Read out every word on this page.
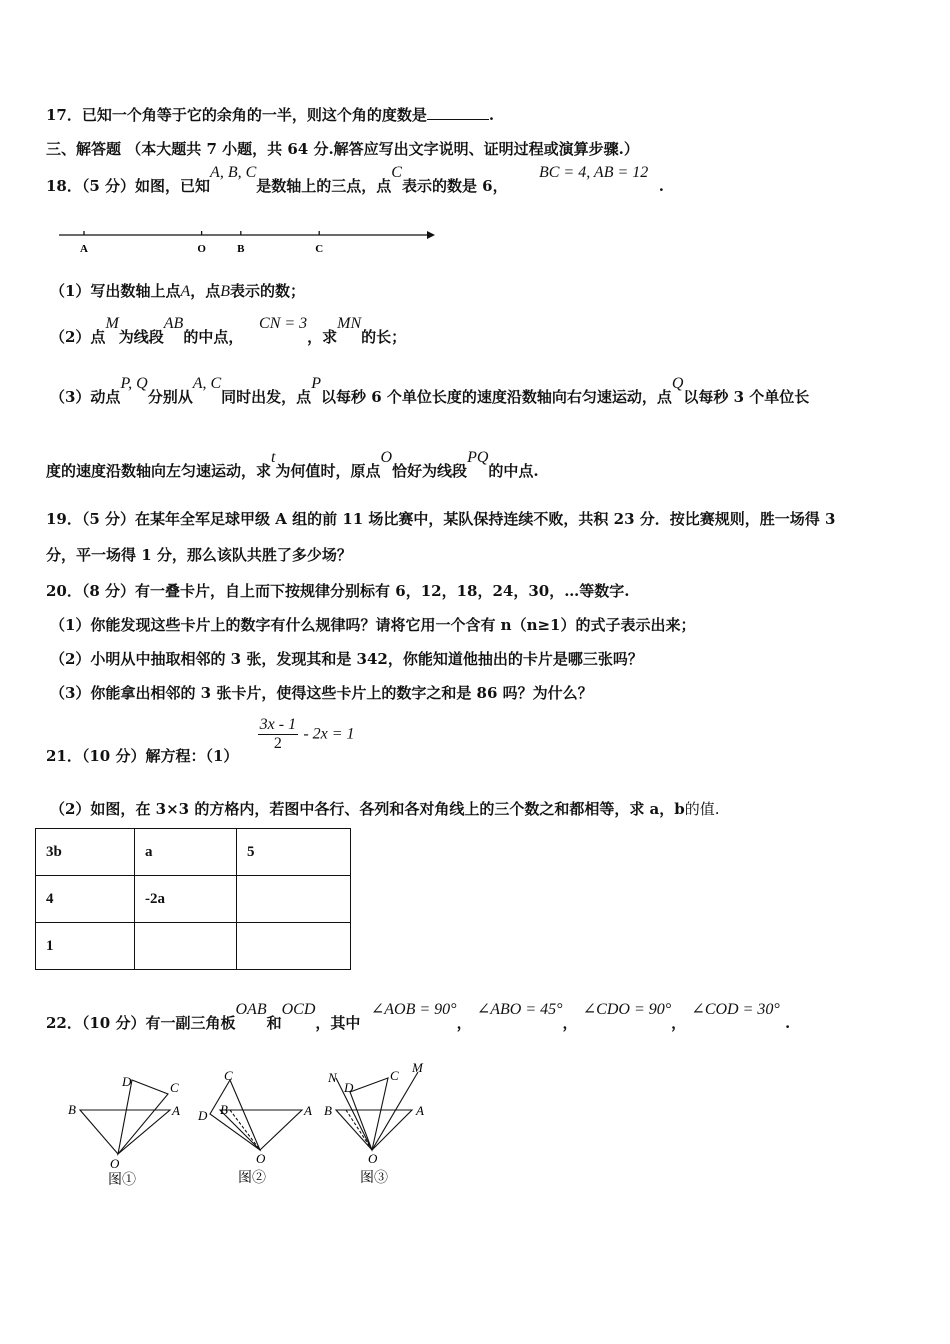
17．已知一个角等于它的余角的一半，则这个角的度数是	.
三、解答题 （本大题共 7 小题，共 64 分.解答应写出文字说明、证明过程或演算步骤.）
18．（5 分）如图，已知A, B, C是数轴上的三点，点C表示的数是 6，      BC = 4, AB = 12  .
A	O	B	C
（1）写出数轴上点A，点B表示的数；
（2）点M为线段AB的中点，   CN = 3，求MN的长；
（3）动点P, Q分别从A, C同时出发，点P以每秒 6 个单位长度的速度沿数轴向右匀速运动，点Q以每秒 3 个单位长
度的速度沿数轴向左匀速运动，求t为何值时，原点O恰好为线段PQ的中点.
19．（5 分）在某年全军足球甲级 A 组的前 11 场比赛中，某队保持连续不败，共积 23 分．按比赛规则，胜一场得 3
分，平一场得 1 分，那么该队共胜了多少场？
20．（8 分）有一叠卡片，自上而下按规律分别标有 6，12，18，24，30，…等数字.
（1）你能发现这些卡片上的数字有什么规律吗？请将它用一个含有 n（n≥1）的式子表示出来；
（2）小明从中抽取相邻的 3 张，发现其和是 342，你能知道他抽出的卡片是哪三张吗？
（3）你能拿出相邻的 3 张卡片，使得这些卡片上的数字之和是 86 吗？为什么？
21．（10 分）解方程：（1）
$\frac{3x - 1}{2} - 2x = 1$
（2）如图，在 3×3 的方格内，若图中各行、各列和各对角线上的三个数之和都相等，求 a，b的值.
3b	a	5
4	-2a	
1		
22．（10 分）有一副三角板OAB和OCD，其中  ∠AOB = 90°， ∠ABO = 45°， ∠CDO = 90°， ∠COD = 30° .
B	A
D	C
O
图①
C
D B	A
O
图②
N
D
C
M
B	A
O
图③
